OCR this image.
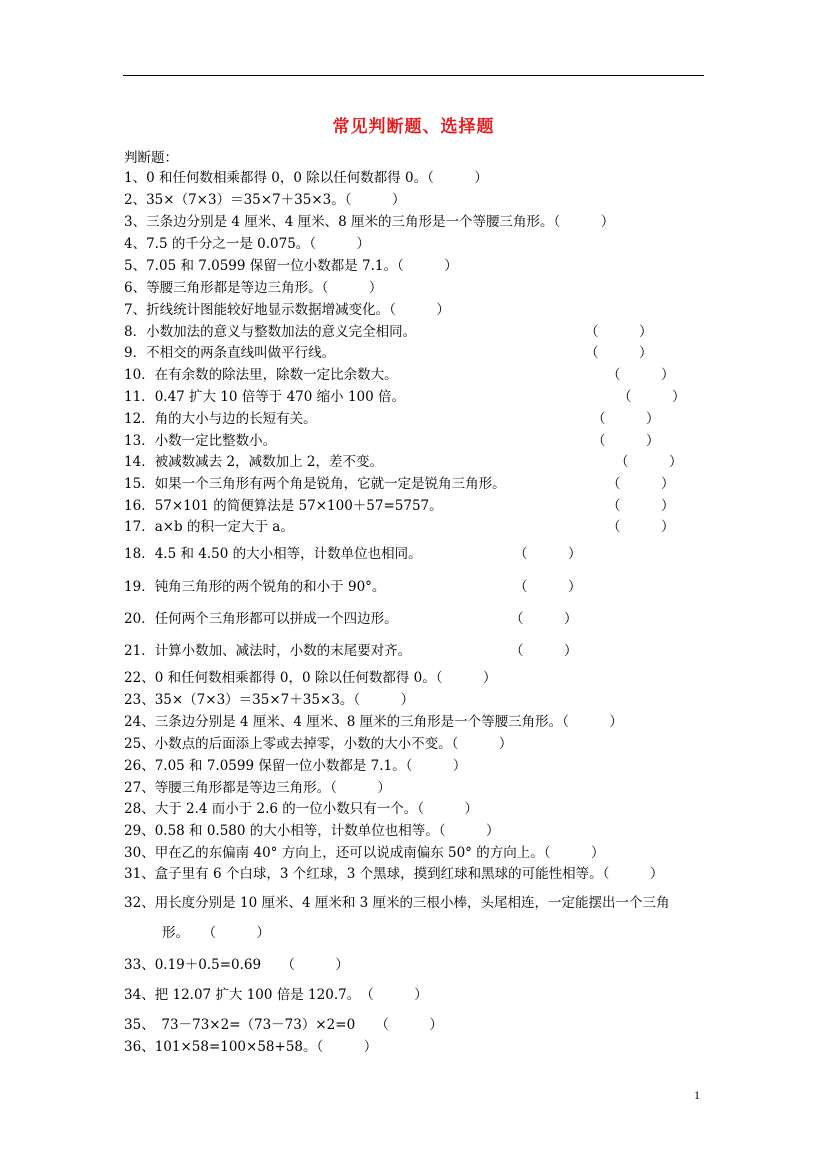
常见判断题、选择题
判断题：
1、0 和任何数相乘都得 0，0 除以任何数都得 0。（　　　）
2、35×（7×3）＝35×7＋35×3。（　　　）
3、三条边分别是 4 厘米、4 厘米、8 厘米的三角形是一个等腰三角形。（　　　）
4、7.5 的千分之一是 0.075。（　　　）
5、7.05 和 7.0599 保留一位小数都是 7.1。（　　　）
6、等腰三角形都是等边三角形。（　　　）
7、折线统计图能较好地显示数据增减变化。（　　　）
8．小数加法的意义与整数加法的意义完全相同。	（　　　）
9．不相交的两条直线叫做平行线。	（　　　）
10．在有余数的除法里，除数一定比余数大。	（　　　）
11．0.47 扩大 10 倍等于 470 缩小 100 倍。	（　　　）
12．角的大小与边的长短有关。	（　　　）
13．小数一定比整数小。	（　　　）
14．被减数减去 2，减数加上 2，差不变。	（　　　）
15．如果一个三角形有两个角是锐角，它就一定是锐角三角形。	（　　　）
16．57×101 的简便算法是 57×100＋57=5757。	（　　　）
17．a×b 的积一定大于 a。	（　　　）
18．4.5 和 4.50 的大小相等，计数单位也相同。	（　　　）
19．钝角三角形的两个锐角的和小于 90°。	（　　　）
20．任何两个三角形都可以拼成一个四边形。	（　　　）
21．计算小数加、减法时，小数的末尾要对齐。	（　　　）
22、0 和任何数相乘都得 0，0 除以任何数都得 0。（　　　）
23、35×（7×3）＝35×7＋35×3。（　　　）
24、三条边分别是 4 厘米、4 厘米、8 厘米的三角形是一个等腰三角形。（　　　）
25、小数点的后面添上零或去掉零，小数的大小不变。（　　　）
26、7.05 和 7.0599 保留一位小数都是 7.1。（　　　）
27、等腰三角形都是等边三角形。（　　　）
28、大于 2.4 而小于 2.6 的一位小数只有一个。（　　　）
29、0.58 和 0.580 的大小相等，计数单位也相等。（　　　）
30、甲在乙的东偏南 40° 方向上，还可以说成南偏东 50° 的方向上。（　　　）
31、盒子里有 6 个白球，3 个红球，3 个黑球，摸到红球和黑球的可能性相等。（　　　）
32、用长度分别是 10 厘米、4 厘米和 3 厘米的三根小棒，头尾相连，一定能摆出一个三角
形。　　（　　　）
33、0.19＋0.5=0.69　　（　　　）
34、把 12.07 扩大 100 倍是 120.7。　（　　　）
35、　73－73×2=（73－73）×2=0　　（　　　）
36、101×58=100×58+58。（　　　）
1
